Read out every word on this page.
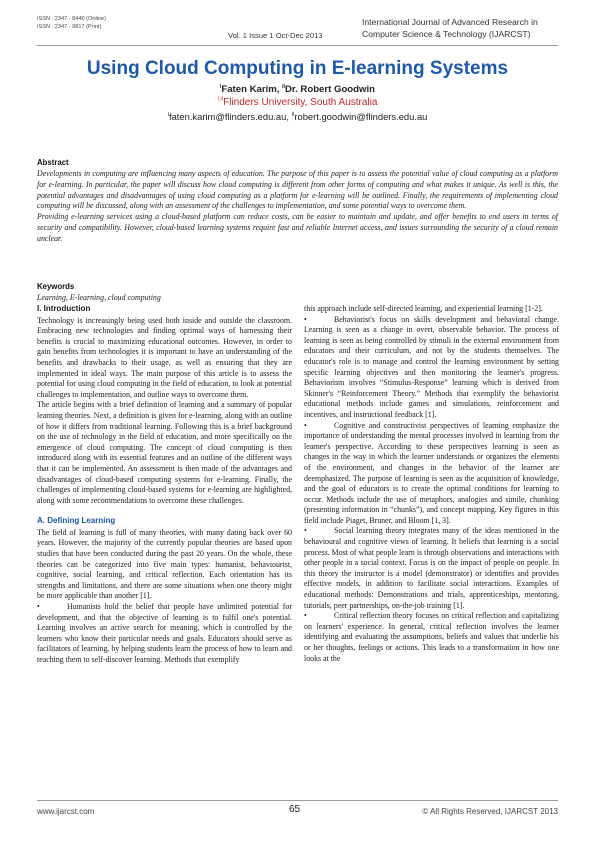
ISSN : 2347 - 8446 (Online)
ISSN : 2347 - 9817 (Print)
Vol. 1 Issue 1 Oct-Dec 2013
International Journal of Advanced Research in
Computer Science & Technology (IJARCST)
Using Cloud Computing in E-learning Systems
$^I$Faten Karim, $^{II}$Dr. Robert Goodwin
$^{I,II}$Flinders University, South Australia
$^I$faten.karim@flinders.edu.au, $^{II}$robert.goodwin@flinders.edu.au
Abstract

Developments in computing are influencing many aspects of education. The purpose of this paper is to assess the potential value of cloud computing as a platform for e-learning. In particular, the paper will discuss how cloud computing is different from other forms of computing and what makes it unique. As well is this, the potential advantages and disadvantages of using cloud computing as a platform for e-learning will be outlined. Finally, the requirements of implementing cloud computing will be discussed, along with an assessment of the challenges to implementation, and some potential ways to overcome them.

Providing e-learning services using a cloud-based platform can reduce costs, can be easier to maintain and update, and offer benefits to end users in terms of security and compatibility. However, cloud-based learning systems require fast and reliable Internet access, and issues surrounding the security of a cloud remain unclear.

Keywords
Learning, E-learning, cloud computing

I. Introduction

Technology is increasingly being used both inside and outside the classroom. Embracing new technologies and finding optimal ways of harnessing their benefits is crucial to maximizing educational outcomes. However, in order to gain benefits from technologies it is important to have an understanding of the benefits and drawbacks to their usage, as well as ensuring that they are implemented in ideal ways. The main purpose of this article is to assess the potential for using cloud computing in the field of education, to look at potential challenges to implementation, and outline ways to overcome them.

The article begins with a brief definition of learning and a summary of popular learning theories. Next, a definition is given for e-learning, along with an outline of how it differs from traditional learning. Following this is a brief background on the use of technology in the field of education, and more specifically on the emergence of cloud computing. The concept of cloud computing is then introduced along with its essential features and an outline of the different ways that it can be implemented. An assessment is then made of the advantages and disadvantages of cloud-based computing systems for e-learning. Finally, the challenges of implementing cloud-based systems for e-learning are highlighted, along with some recommendations to overcome these challenges.

A. Defining Learning

The field of learning is full of many theories, with many dating back over 60 years. However, the majority of the currently popular theories are based upon studies that have been conducted during the past 20 years. On the whole, these theories can be categorized into five main types: humanist, behaviourist, cognitive, social learning, and critical reflection. Each orientation has its strengths and limitations, and there are some situations when one theory might be more applicable than another [1].

•	Humanists hold the belief that people have unlimited potential for development, and that the objective of learning is to fulfil one's potential. Learning involves an active search for meaning, which is controlled by the learners who know their particular needs and goals. Educators should serve as facilitators of learning, by helping students learn the process of how to learn and teaching them to self-discover learning. Methods that exemplify

this approach include self-directed learning, and experiential learning [1-2].

•	Behaviorist's focus on skills development and behavioral change. Learning is seen as a change in overt, observable behavior. The process of learning is seen as being controlled by stimuli in the external environment from educators and their curriculum, and not by the students themselves. The educator's role is to manage and control the learning environment by setting specific learning objectives and then monitoring the learner's progress. Behaviorism involves “Stimulus-Response” learning which is derived from Skinner's “Reinforcement Theory.” Methods that exemplify the behaviorist educational methods include games and simulations, reinforcement and incentives, and instructional feedback [1].

•	Cognitive and constructivist perspectives of learning emphasize the importance of understanding the mental processes involved in learning from the learner's perspective. According to these perspectives learning is seen as changes in the way in which the learner understands or organizes the elements of the environment, and changes in the behavior of the learner are deemphasized. The purpose of learning is seen as the acquisition of knowledge, and the goal of educators is to create the optimal conditions for learning to occur. Methods include the use of metaphors, analogies and simile, chunking (presenting information in “chunks”), and concept mapping. Key figures in this field include Piaget, Bruner, and Bloom [1, 3].

•	Social learning theory integrates many of the ideas mentioned in the behavioural and cognitive views of learning. It beliefs that learning is a social process. Most of what people learn is through observations and interactions with other people in a social context. Focus is on the impact of people on people. In this theory the instructor is a model (demonstrator) or identifies and provides effective models, in addition to facilitate social interactions. Examples of educational methods: Demonstrations and trials, apprenticeships, mentoring, tutorials, peer partnerships, on-the-job training [1].

•	Critical reflection theory focuses on critical reflection and capitalizing on learners' experience. In general, critical reflection involves the learner identifying and evaluating the assumptions, beliefs and values that underlie his or her thoughts, feelings or actions. This leads to a transformation in how one looks at the

www.ijarcst.com	65	© All Rights Reserved, IJARCST 2013
